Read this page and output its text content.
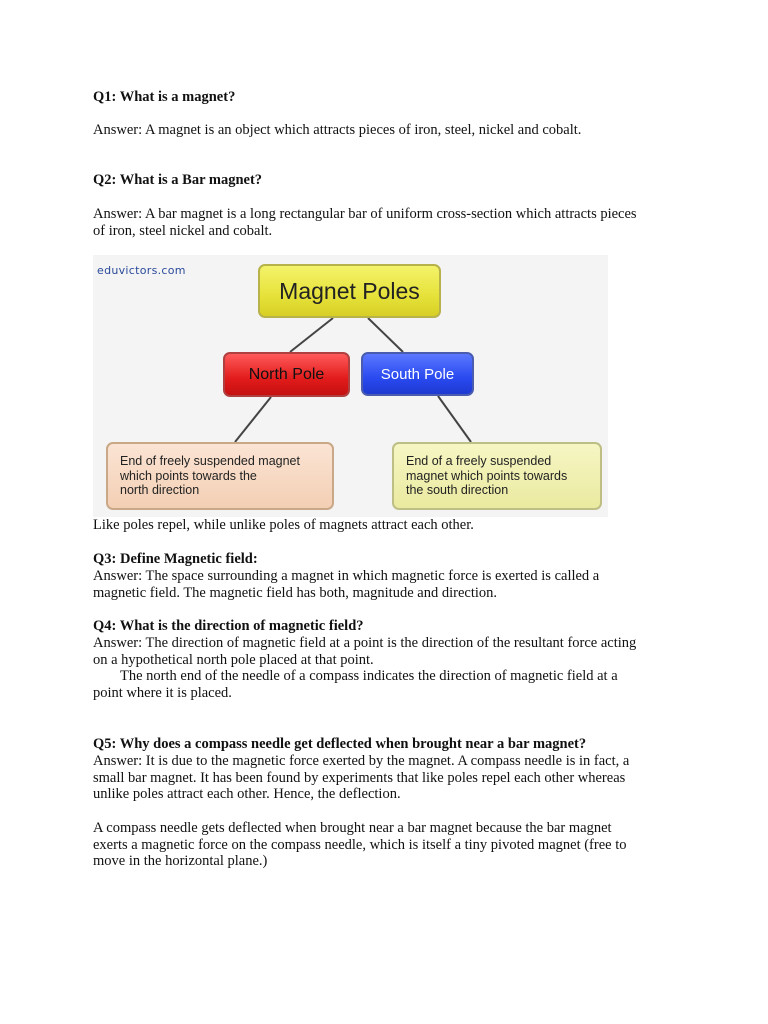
Q1: What is a magnet?
Answer: A magnet is an object which attracts pieces of iron, steel, nickel and cobalt.
Q2: What is a Bar magnet?
Answer: A bar magnet is a long rectangular bar of uniform cross-section which attracts pieces
of iron, steel nickel and cobalt.
eduvictors.com
Magnet Poles
North Pole	South Pole
End of freely suspended magnet
which points towards the
north direction
End of a freely suspended
magnet which points towards
the south direction
Like poles repel, while unlike poles of magnets attract each other.
Q3: Define Magnetic field:
Answer: The space surrounding a magnet in which magnetic force is exerted is called a
magnetic field. The magnetic field has both, magnitude and direction.
Q4: What is the direction of magnetic field?
Answer: The direction of magnetic field at a point is the direction of the resultant force acting
on a hypothetical north pole placed at that point.
The north end of the needle of a compass indicates the direction of magnetic field at a
point where it is placed.
Q5: Why does a compass needle get deflected when brought near a bar magnet?
Answer: It is due to the magnetic force exerted by the magnet. A compass needle is in fact, a
small bar magnet. It has been found by experiments that like poles repel each other whereas
unlike poles attract each other. Hence, the deflection.
A compass needle gets deflected when brought near a bar magnet because the bar magnet
exerts a magnetic force on the compass needle, which is itself a tiny pivoted magnet (free to
move in the horizontal plane.)
